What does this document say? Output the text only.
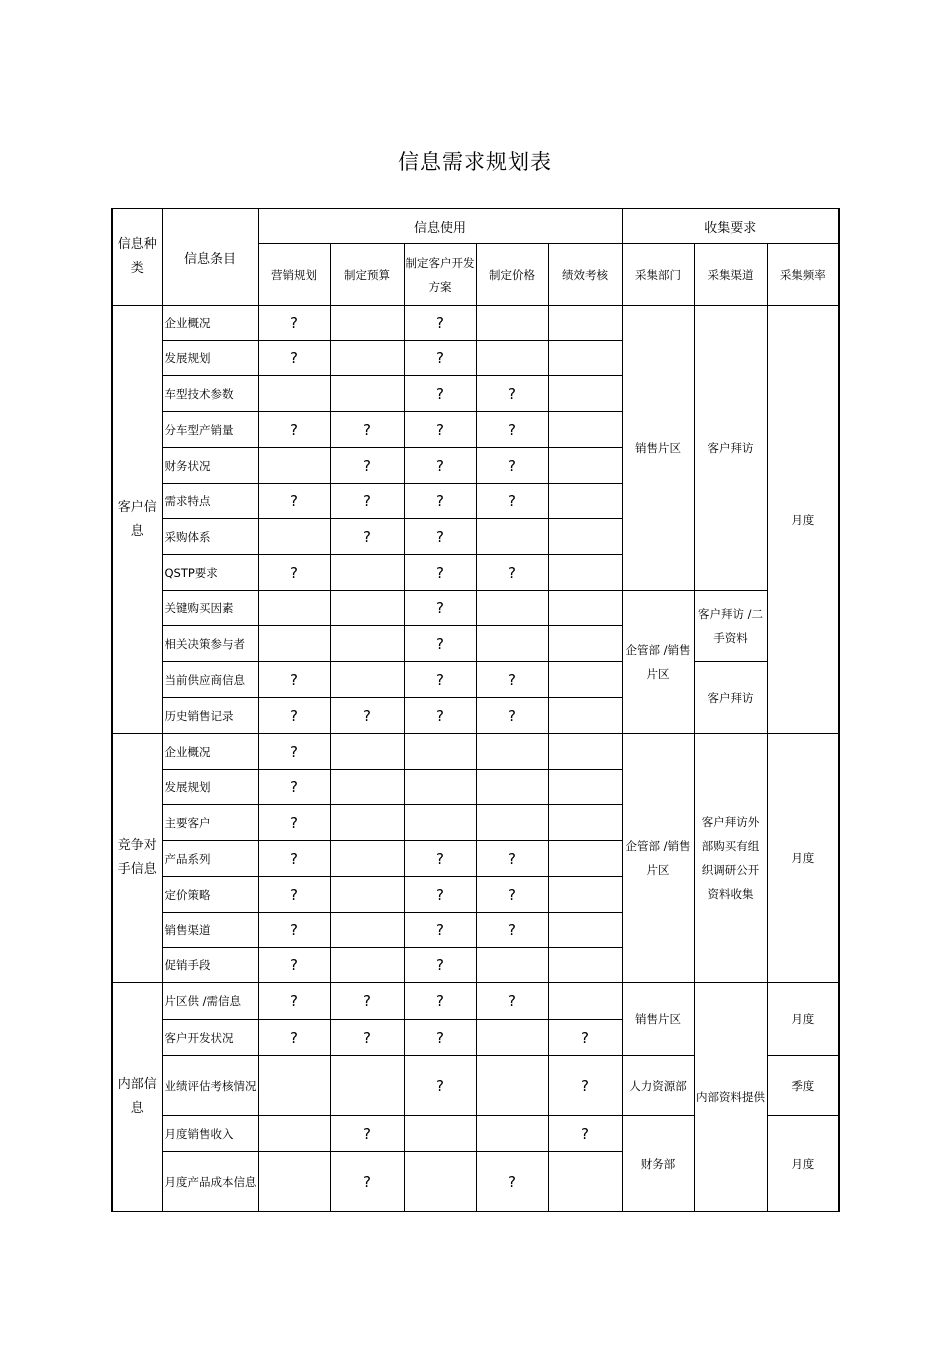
信息需求规划表
信息种类	信息条目	信息使用					收集要求		
		营销规划	制定预算	制定客户开发方案	制定价格	绩效考核	采集部门	采集渠道	采集频率
客户信息	企业概况	?		?			销售片区	客户拜访	月度
	发展规划	?		?					
	车型技术参数			?	?				
	分车型产销量	?	?	?	?				
	财务状况		?	?	?				
	需求特点	?	?	?	?				
	采购体系		?	?					
	QSTP要求	?		?	?				
	关键购买因素			?			企管部 /销售片区	客户拜访 /二手资料	
	相关决策参与者			?					
	当前供应商信息	?		?	?			客户拜访	
	历史销售记录	?	?	?	?				
竞争对手信息	企业概况	?					企管部 /销售片区	客户拜访外部购买有组织调研公开资料收集	月度
	发展规划	?							
	主要客户	?							
	产品系列	?		?	?				
	定价策略	?		?	?				
	销售渠道	?		?	?				
	促销手段	?		?					
内部信息	片区供 /需信息	?	?	?	?		销售片区	内部资料提供	月度
	客户开发状况	?	?	?		?			
	业绩评估考核情况			?		?	人力资源部		季度
	月度销售收入		?			?	财务部		月度
	月度产品成本信息		?		?				
